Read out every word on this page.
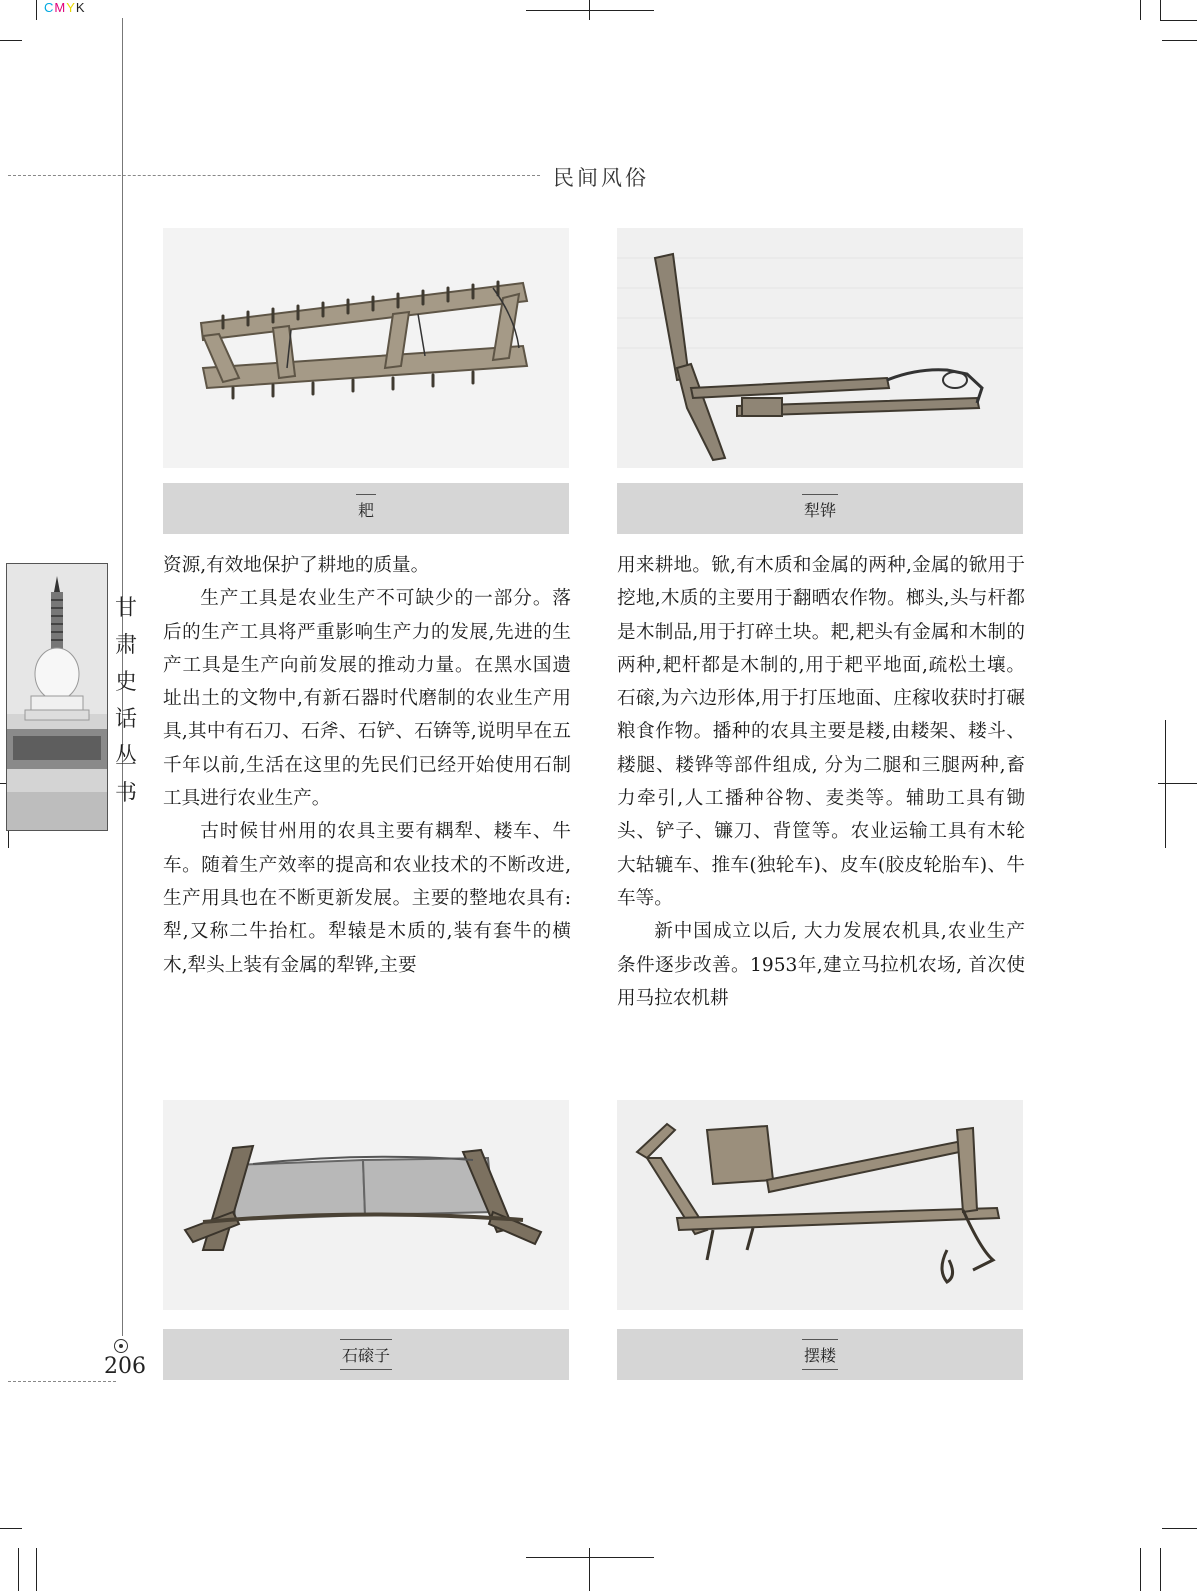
CMYK
民间风俗
甘
肃
史
话
丛
书
耙	犁铧

资源,有效地保护了耕地的质量。

生产工具是农业生产不可缺少的一部分。落后的生产工具将严重影响生产力的发展,先进的生产工具是生产向前发展的推动力量。在黑水国遗址出土的文物中,有新石器时代磨制的农业生产用具,其中有石刀、石斧、石铲、石锛等,说明早在五千年以前,生活在这里的先民们已经开始使用石制工具进行农业生产。

古时候甘州用的农具主要有耦犁、耧车、牛车。随着生产效率的提高和农业技术的不断改进,生产用具也在不断更新发展。主要的整地农具有:犁,又称二牛抬杠。犁辕是木质的,装有套牛的横木,犁头上装有金属的犁铧,主要

用来耕地。锨,有木质和金属的两种,金属的锨用于挖地,木质的主要用于翻晒农作物。榔头,头与杆都是木制品,用于打碎土块。耙,耙头有金属和木制的两种,耙杆都是木制的,用于耙平地面,疏松土壤。石磙,为六边形体,用于打压地面、庄稼收获时打碾粮食作物。播种的农具主要是耧,由耧架、耧斗、耧腿、耧铧等部件组成, 分为二腿和三腿两种,畜力牵引,人工播种谷物、麦类等。辅助工具有锄头、铲子、镰刀、背筐等。农业运输工具有木轮大轱辘车、推车(独轮车)、皮车(胶皮轮胎车)、牛车等。

新中国成立以后, 大力发展农机具,农业生产条件逐步改善。1953年,建立马拉机农场, 首次使用马拉农机耕

石磙子	摆耧
206
